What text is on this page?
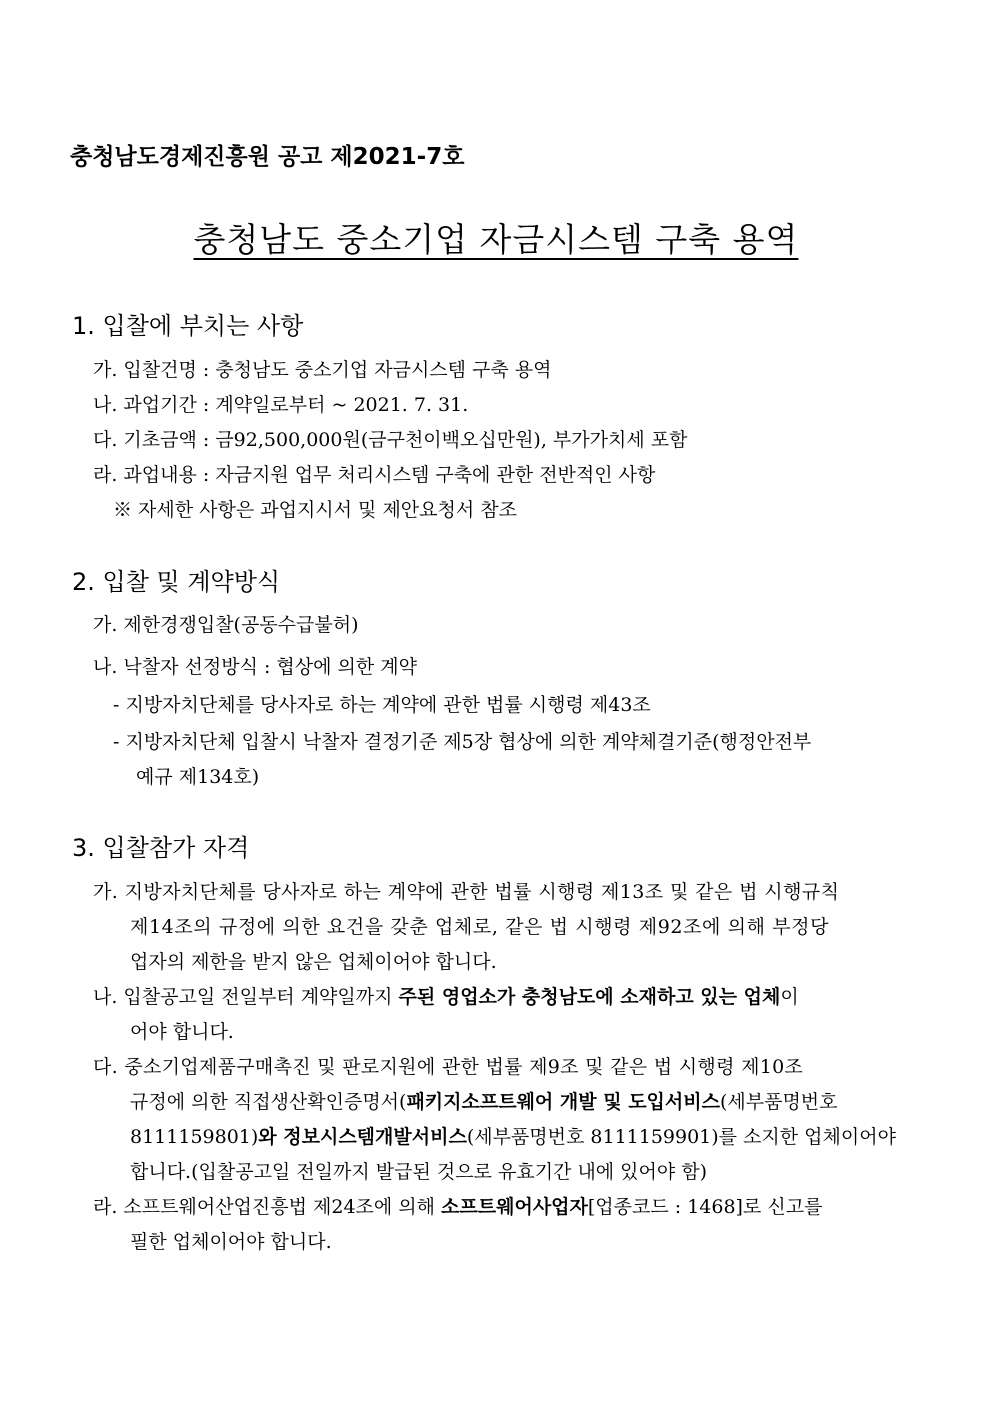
충청남도경제진흥원 공고 제2021-7호
충청남도 중소기업 자금시스템 구축 용역
1. 입찰에 부치는 사항
가. 입찰건명 : 충청남도 중소기업 자금시스템 구축 용역
나. 과업기간 : 계약일로부터 ~ 2021. 7. 31.
다. 기초금액 : 금92,500,000원(금구천이백오십만원), 부가가치세 포함
라. 과업내용 : 자금지원 업무 처리시스템 구축에 관한 전반적인 사항
※ 자세한 사항은 과업지시서 및 제안요청서 참조
2. 입찰 및 계약방식
가. 제한경쟁입찰(공동수급불허)
나. 낙찰자 선정방식 : 협상에 의한 계약
- 지방자치단체를 당사자로 하는 계약에 관한 법률 시행령 제43조
- 지방자치단체 입찰시 낙찰자 결정기준 제5장 협상에 의한 계약체결기준(행정안전부
예규 제134호)
3. 입찰참가 자격
가. 지방자치단체를 당사자로 하는 계약에 관한 법률 시행령 제13조 및 같은 법 시행규칙
제14조의 규정에 의한 요건을 갖춘 업체로, 같은 법 시행령 제92조에 의해 부정당
업자의 제한을 받지 않은 업체이어야 합니다.
나. 입찰공고일 전일부터 계약일까지 주된 영업소가 충청남도에 소재하고 있는 업체이
어야 합니다.
다. 중소기업제품구매촉진 및 판로지원에 관한 법률 제9조 및 같은 법 시행령 제10조
규정에 의한 직접생산확인증명서(패키지소프트웨어 개발 및 도입서비스(세부품명번호
8111159801)와 정보시스템개발서비스(세부품명번호 8111159901)를 소지한 업체이어야
합니다.(입찰공고일 전일까지 발급된 것으로 유효기간 내에 있어야 함)
라. 소프트웨어산업진흥법 제24조에 의해 소프트웨어사업자[업종코드 : 1468]로 신고를
필한 업체이어야 합니다.
